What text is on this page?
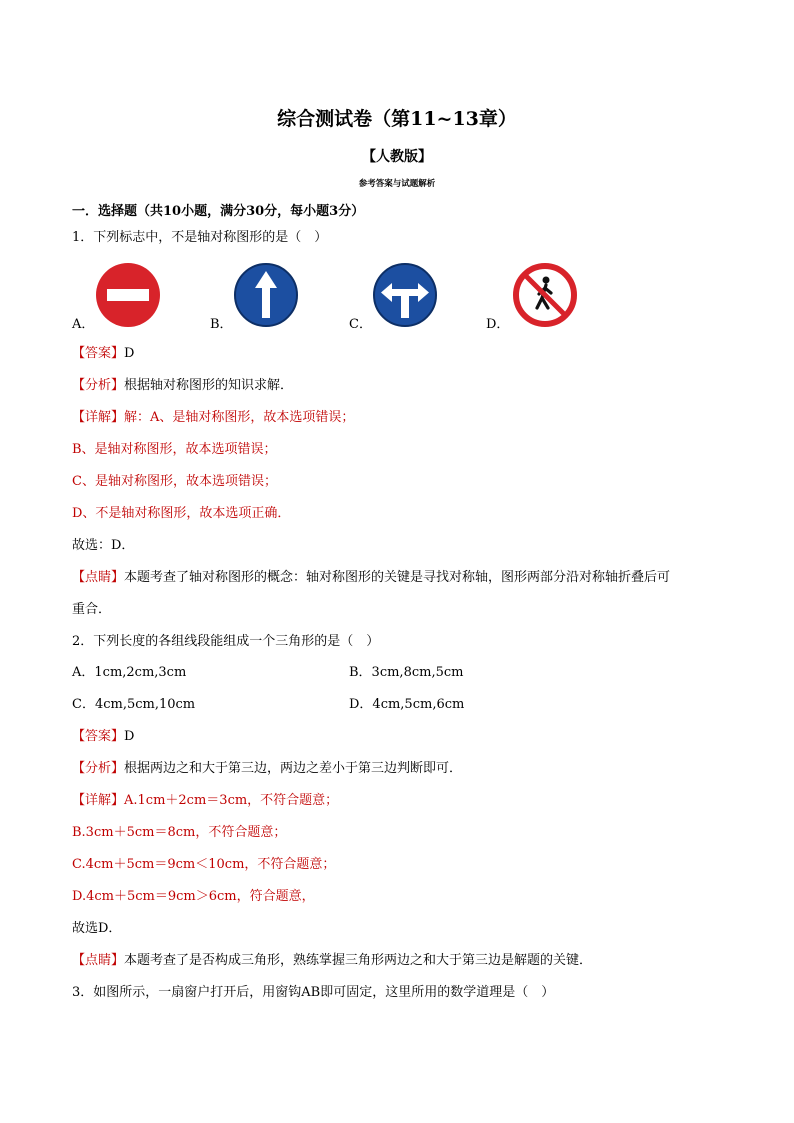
综合测试卷（第11~13章）
【人教版】
参考答案与试题解析
一．选择题（共10小题，满分30分，每小题3分）
1．下列标志中，不是轴对称图形的是（　）
A．	B．	C．	D．
【答案】D
【分析】根据轴对称图形的知识求解．
【详解】解：A、是轴对称图形，故本选项错误；
B、是轴对称图形，故本选项错误；
C、是轴对称图形，故本选项错误；
D、不是轴对称图形，故本选项正确．
故选：D．
【点睛】本题考查了轴对称图形的概念：轴对称图形的关键是寻找对称轴，图形两部分沿对称轴折叠后可
重合．
2．下列长度的各组线段能组成一个三角形的是（　）
A．1cm,2cm,3cm	B．3cm,8cm,5cm
C．4cm,5cm,10cm	D．4cm,5cm,6cm
【答案】D
【分析】根据两边之和大于第三边，两边之差小于第三边判断即可．
【详解】A.1cm＋2cm＝3cm，不符合题意；
B.3cm＋5cm＝8cm，不符合题意；
C.4cm＋5cm＝9cm＜10cm，不符合题意；
D.4cm＋5cm＝9cm＞6cm，符合题意，
故选D．
【点睛】本题考查了是否构成三角形，熟练掌握三角形两边之和大于第三边是解题的关键．
3．如图所示，一扇窗户打开后，用窗钩AB即可固定，这里所用的数学道理是（　）
